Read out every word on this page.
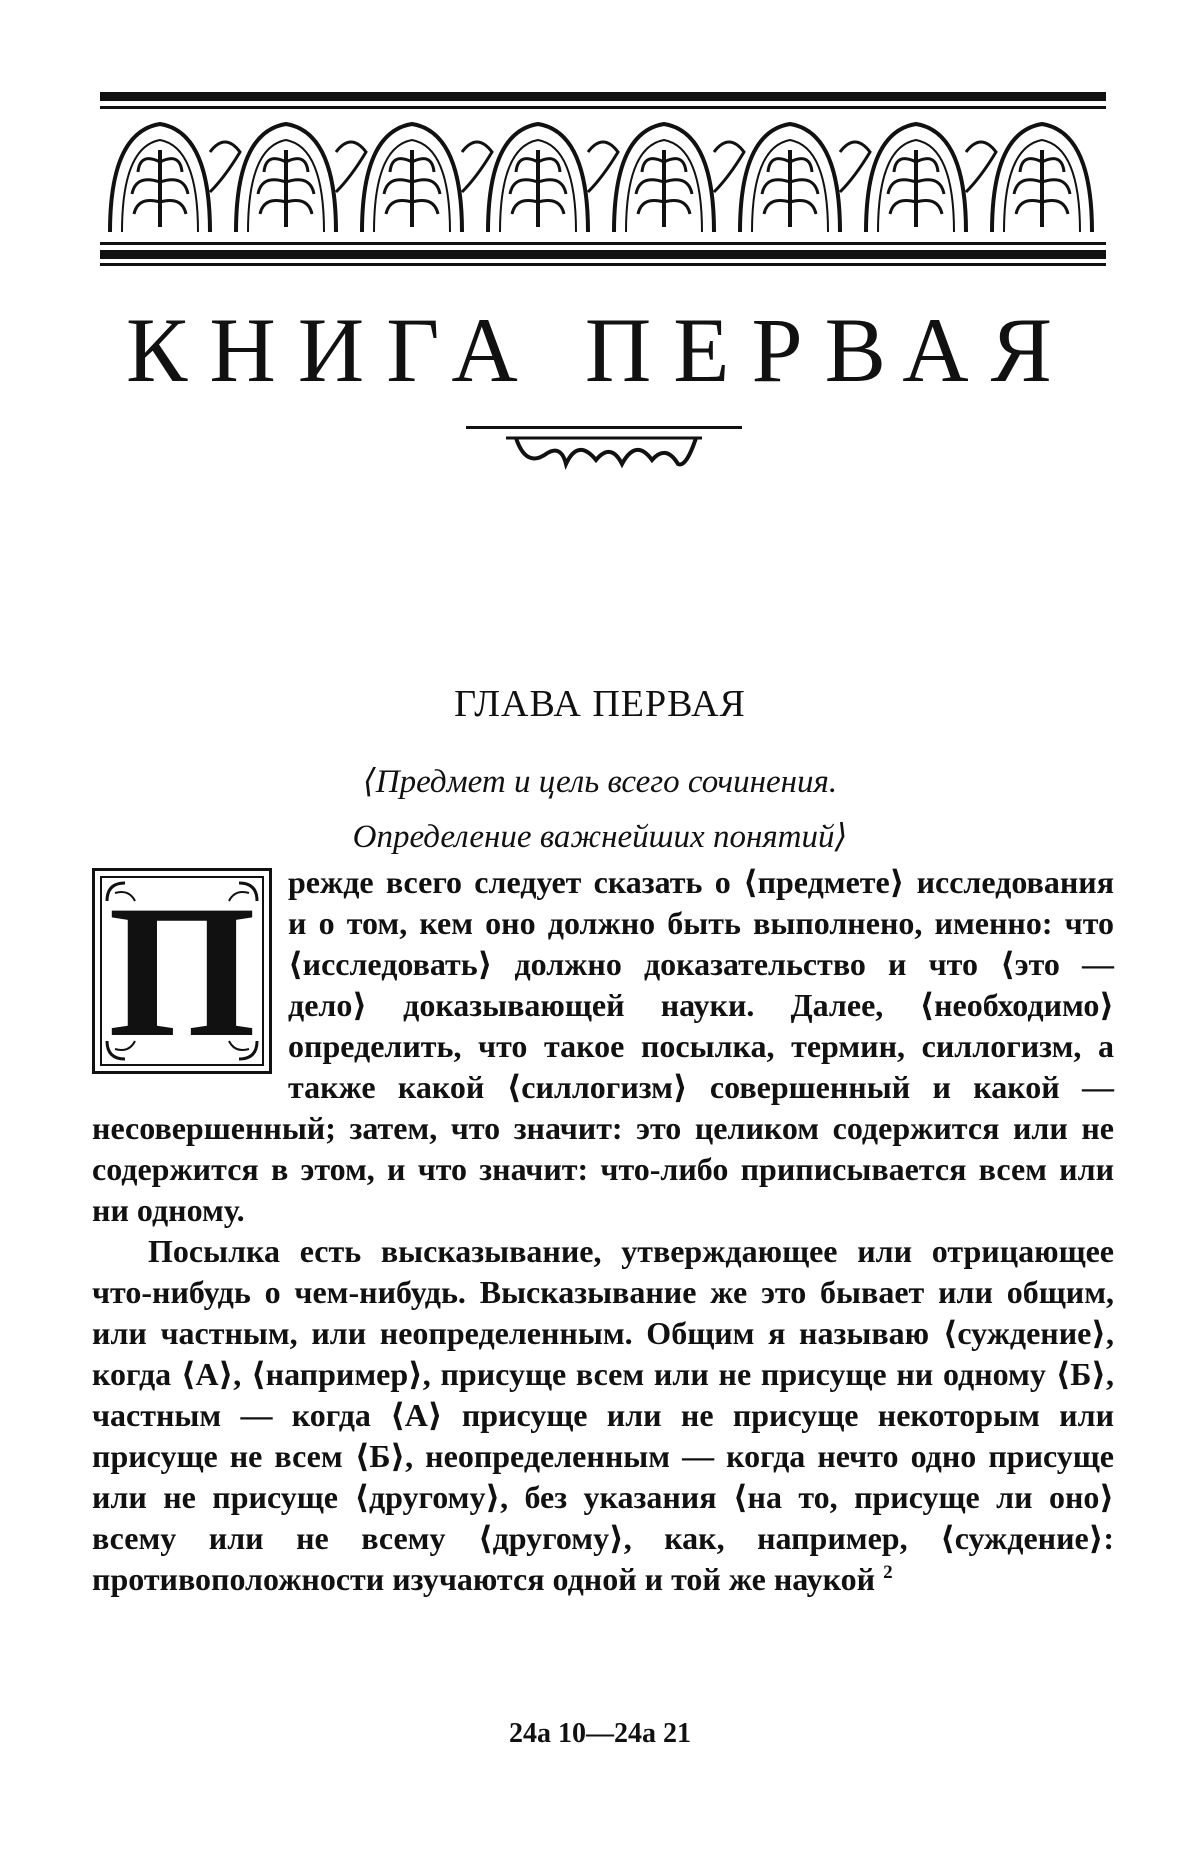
КНИГА ПЕРВАЯ
ГЛАВА ПЕРВАЯ
⟨Предмет и цель всего сочинения.
Определение важнейших понятий⟩
П	режде всего следует сказать о ⟨предмете⟩ исследования и о том, кем оно должно быть выполнено, именно: что ⟨исследовать⟩ должно доказательство и что ⟨это — дело⟩ доказывающей науки. Далее, ⟨необходимо⟩ определить, что такое посылка, термин, силлогизм, а также какой ⟨силлогизм⟩ совершенный и какой — несовершенный; затем, что значит: это целиком содержится или не содержится в этом, и что значит: что-либо приписывается всем или ни одному.

Посылка есть высказывание, утверждающее или отрицающее что-нибудь о чем-нибудь. Высказывание же это бывает или общим, или частным, или неопределенным. Общим я называю ⟨суждение⟩, когда ⟨А⟩, ⟨например⟩, присуще всем или не присуще ни одному ⟨Б⟩, частным — когда ⟨А⟩ присуще или не присуще некоторым или присуще не всем ⟨Б⟩, неопределенным — когда нечто одно присуще или не присуще ⟨другому⟩, без указания ⟨на то, присуще ли оно⟩ всему или не всему ⟨другому⟩, как, например, ⟨суждение⟩: противоположности изучаются одной и той же наукой $^2$

24а 10—24а 21
